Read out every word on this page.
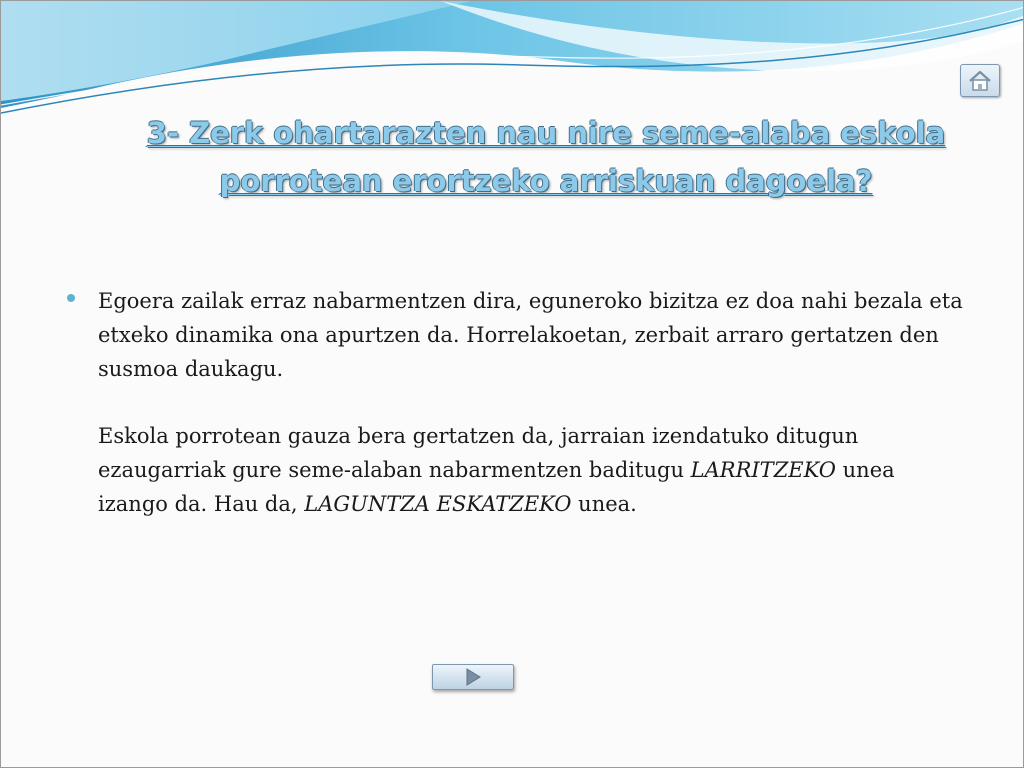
3- Zerk ohartarazten nau nire seme-alaba eskola porrotean erortzeko arriskuan dagoela?

Egoera zailak erraz nabarmentzen dira, eguneroko bizitza ez doa nahi bezala eta etxeko dinamika ona apurtzen da. Horrelakoetan, zerbait arraro gertatzen den susmoa daukagu.

Eskola porrotean gauza bera gertatzen da, jarraian izendatuko ditugun ezaugarriak gure seme-alaban nabarmentzen baditugu LARRITZEKO unea izango da. Hau da, LAGUNTZA ESKATZEKO unea.
